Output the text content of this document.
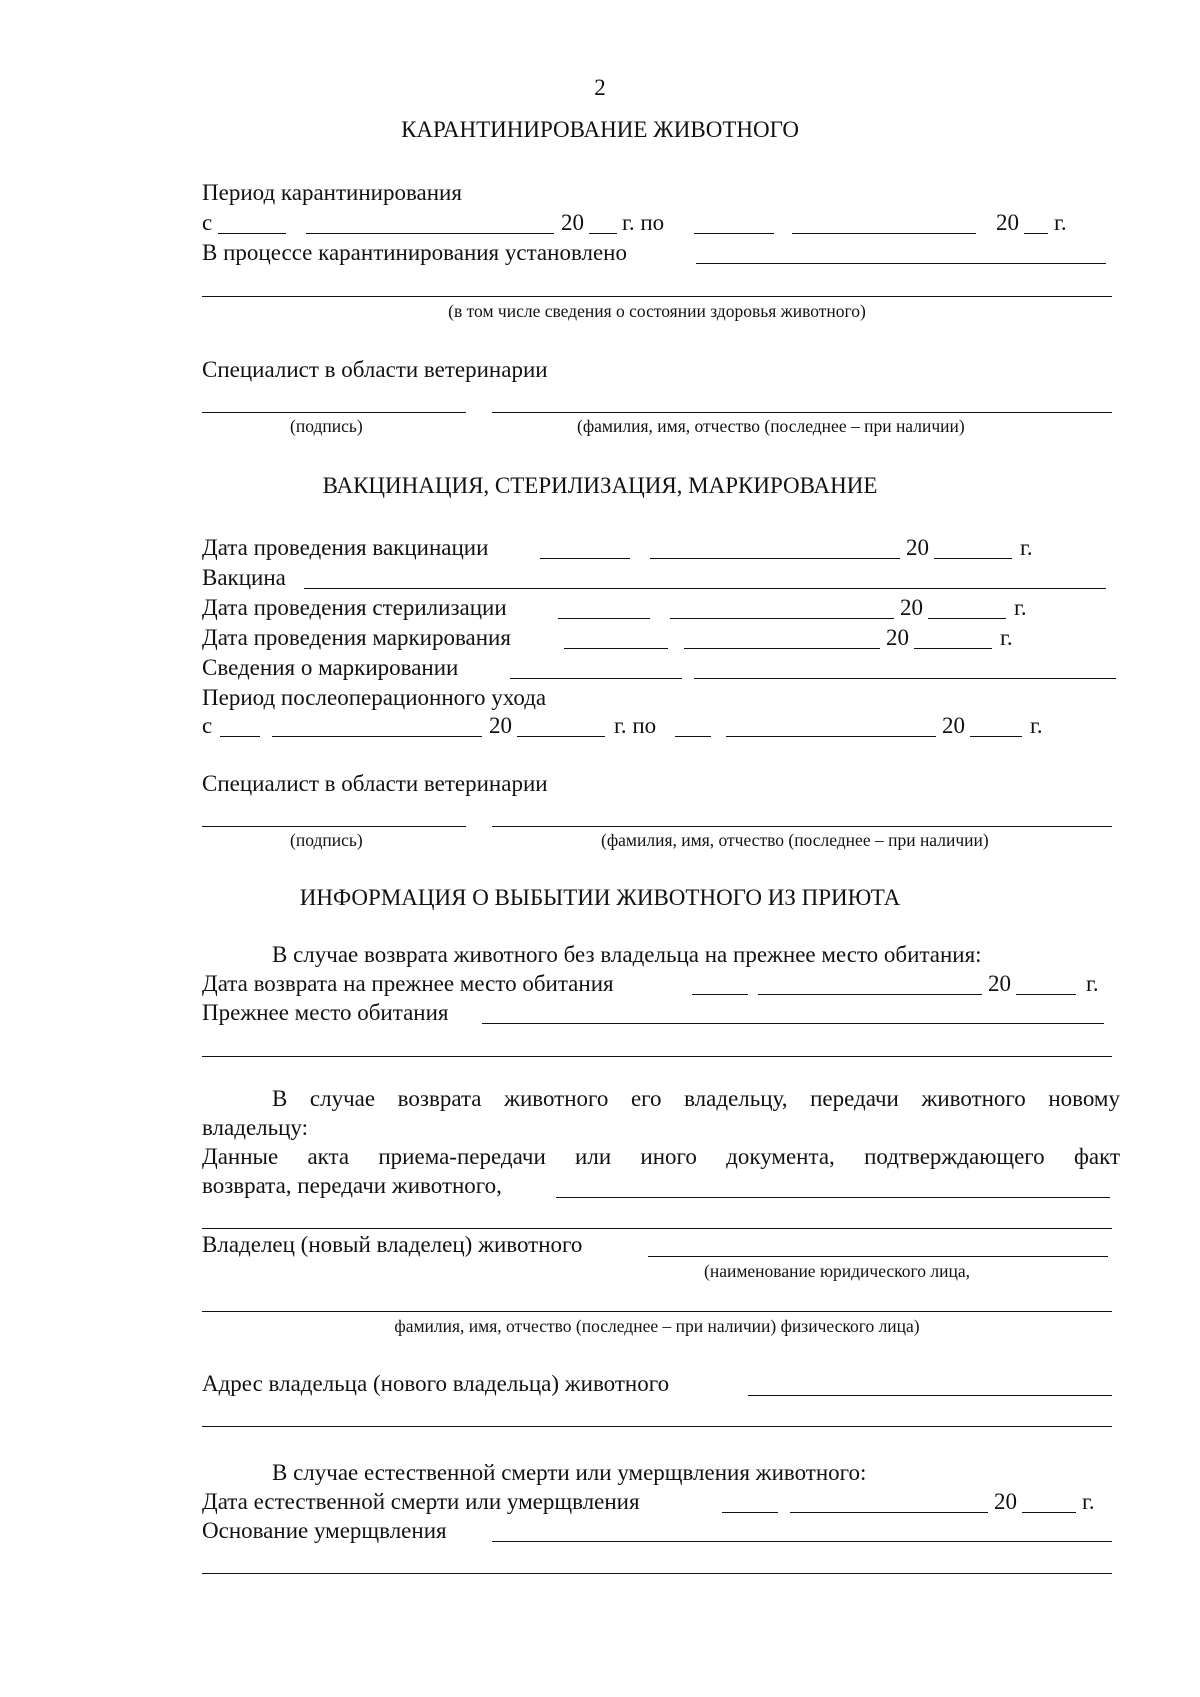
2
КАРАНТИНИРОВАНИЕ ЖИВОТНОГО
Период карантинирования
с	20 г. по	20 г.
В процессе карантинирования установлено
(в том числе сведения о состоянии здоровья животного)
Специалист в области ветеринарии
(подпись)	(фамилия, имя, отчество (последнее – при наличии)
ВАКЦИНАЦИЯ, СТЕРИЛИЗАЦИЯ, МАРКИРОВАНИЕ
Дата проведения вакцинации	20	г.
Вакцина
Дата проведения стерилизации	20	г.
Дата проведения маркирования	20	г.
Сведения о маркировании
Период послеоперационного ухода
с	20	г. по	20	г.
Специалист в области ветеринарии
(подпись)	(фамилия, имя, отчество (последнее – при наличии)
ИНФОРМАЦИЯ О ВЫБЫТИИ ЖИВОТНОГО ИЗ ПРИЮТА
В случае возврата животного без владельца на прежнее место обитания:
Дата возврата на прежнее место обитания	20	г.
Прежнее место обитания
В случае возврата животного его владельцу, передачи животного новому
владельцу:
Данные акта приема-передачи или иного документа, подтверждающего факт
возврата, передачи животного,
Владелец (новый владелец) животного
(наименование юридического лица,
фамилия, имя, отчество (последнее – при наличии) физического лица)
Адрес владельца (нового владельца) животного
В случае естественной смерти или умерщвления животного:
Дата естественной смерти или умерщвления	20	г.
Основание умерщвления
